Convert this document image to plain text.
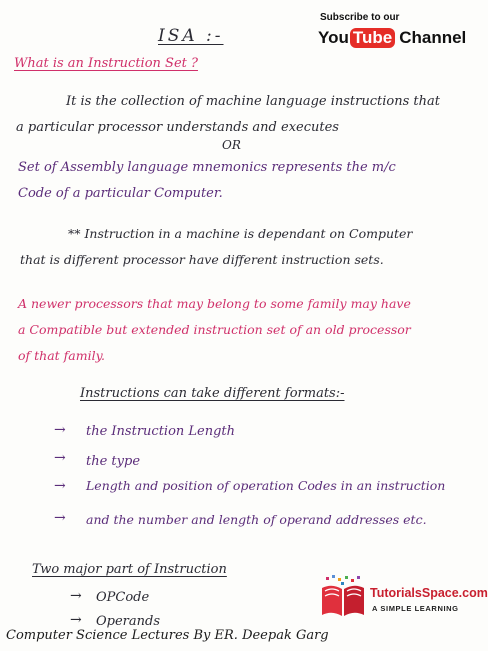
Subscribe to our
You Tube Channel
ISA :-
What is an Instruction Set ?
It is the collection of machine language instructions that
a particular processor understands and executes
OR
Set of Assembly language mnemonics represents the m/c
Code of a particular Computer.
** Instruction in a machine is dependant on Computer
that is different processor have different instruction sets.
A newer processors that may belong to some family may have
a Compatible but extended instruction set of an old processor
of that family.
Instructions can take different formats:-
→ the Instruction Length
→ the type
→ Length and position of operation Codes in an instruction
→ and the number and length of operand addresses etc.
Two major part of Instruction
→ OPCode
→ Operands
Computer Science Lectures By ER. Deepak Garg
TutorialsSpace.com
A SIMPLE LEARNING
